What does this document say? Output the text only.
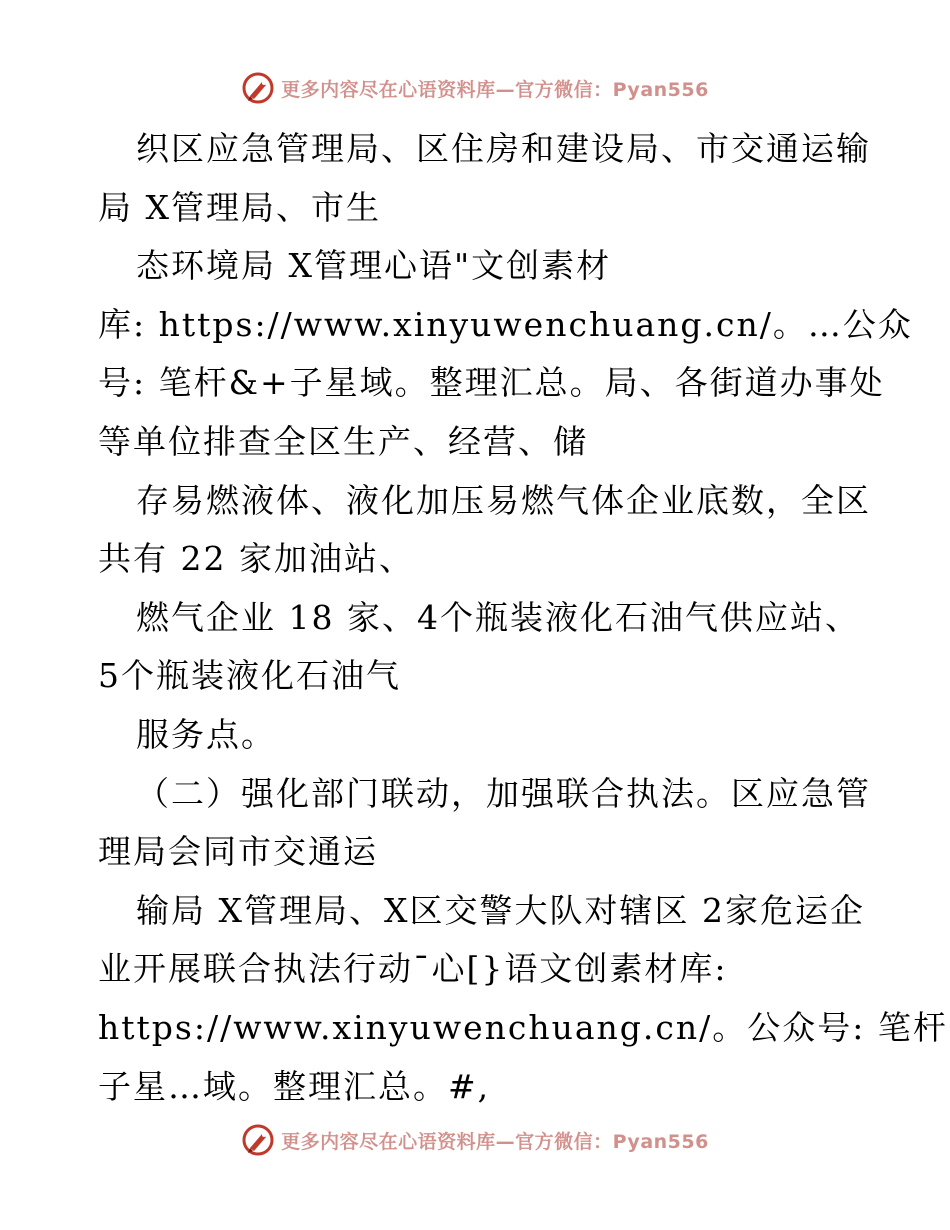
更多内容尽在心语资料库—官方微信：Pyan556
织区应急管理局、区住房和建设局、市交通运输
局 X管理局、市生
态环境局 X管理心语"文创素材
库: https://www.xinyuwenchuang.cn/。…公众
号: 笔杆&+子星域。整理汇总。局、各街道办事处
等单位排查全区生产、经营、储
存易燃液体、液化加压易燃气体企业底数，全区
共有 22 家加油站、
燃气企业 18 家、4个瓶装液化石油气供应站、
5个瓶装液化石油气
服务点。
（二）强化部门联动，加强联合执法。区应急管
理局会同市交通运
输局 X管理局、X区交警大队对辖区 2家危运企
业开展联合执法行动¯心[}语文创素材库:
https://www.xinyuwenchuang.cn/。公众号: 笔杆
子星…域。整理汇总。#,
更多内容尽在心语资料库—官方微信：Pyan556
